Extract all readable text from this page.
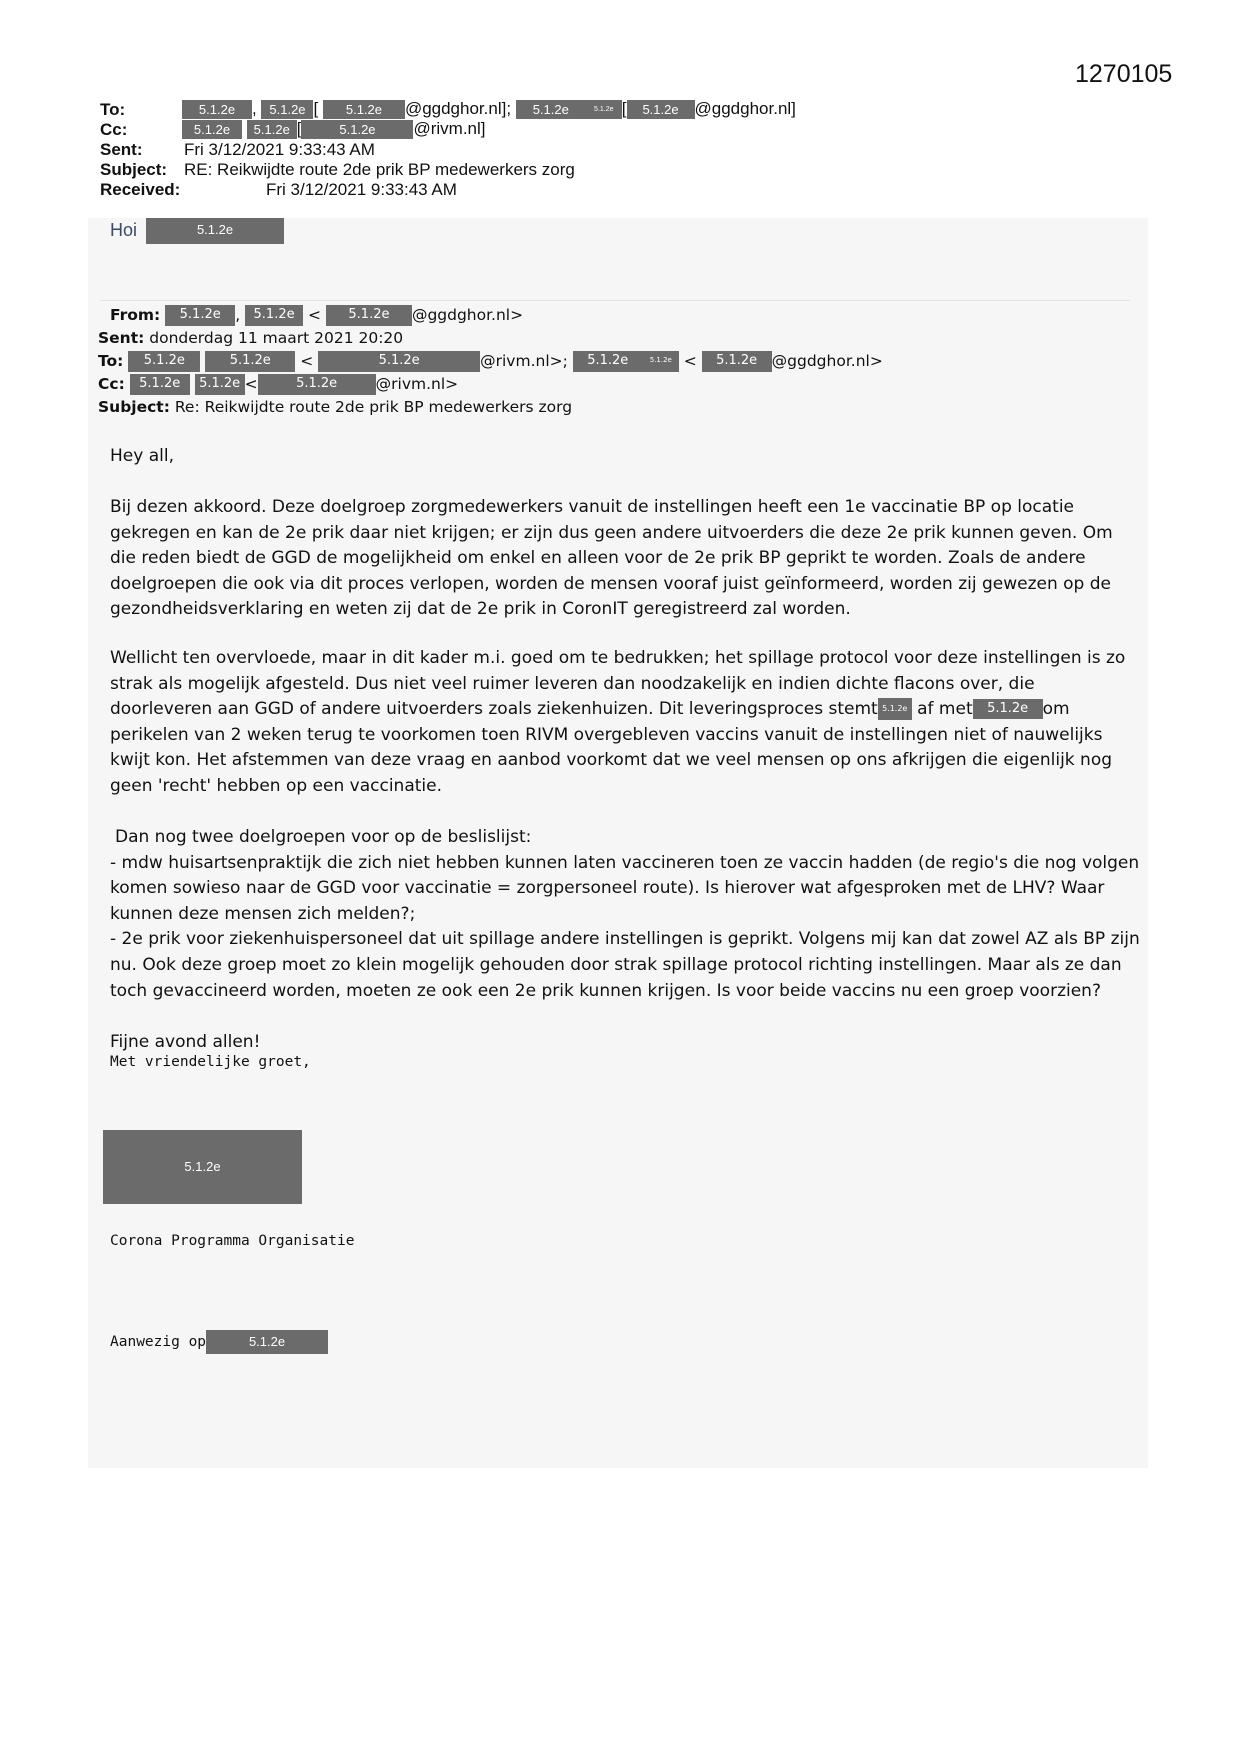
1270105
To:	5.1.2e , 5.1.2e [ 5.1.2e @ggdghor.nl]; 5.1.2e	5.1.2e [ 5.1.2e @ggdghor.nl]
Cc:	5.1.2e 5.1.2e [	5.1.2e @rivm.nl]
Sent: Fri 3/12/2021 9:33:43 AM
Subject: RE: Reikwijdte route 2de prik BP medewerkers zorg
Received:	Fri 3/12/2021 9:33:43 AM
Hoi	5.1.2e
From: 5.1.2e , 5.1.2e < 5.1.2e @ggdghor.nl>
Sent: donderdag 11 maart 2021 20:20
To: 5.1.2e	5.1.2e <	5.1.2e	@rivm.nl>; 5.1.2e	5.1.2e < 5.1.2e @ggdghor.nl>
Cc: 5.1.2e 5.1.2e <	5.1.2e @rivm.nl>
Subject: Re: Reikwijdte route 2de prik BP medewerkers zorg

Hey all,

Bij dezen akkoord. Deze doelgroep zorgmedewerkers vanuit de instellingen heeft een 1e vaccinatie BP op locatie gekregen en kan de 2e prik daar niet krijgen; er zijn dus geen andere uitvoerders die deze 2e prik kunnen geven. Om die reden biedt de GGD de mogelijkheid om enkel en alleen voor de 2e prik BP geprikt te worden. Zoals de andere doelgroepen die ook via dit proces verlopen, worden de mensen vooraf juist geïnformeerd, worden zij gewezen op de gezondheidsverklaring en weten zij dat de 2e prik in CoronIT geregistreerd zal worden.

Wellicht ten overvloede, maar in dit kader m.i. goed om te bedrukken; het spillage protocol voor deze instellingen is zo strak als mogelijk afgesteld. Dus niet veel ruimer leveren dan noodzakelijk en indien dichte flacons over, die doorleveren aan GGD of andere uitvoerders zoals ziekenhuizen. Dit leveringsproces stemt 5.1.2e af met 5.1.2e om perikelen van 2 weken terug te voorkomen toen RIVM overgebleven vaccins vanuit de instellingen niet of nauwelijks kwijt kon. Het afstemmen van deze vraag en aanbod voorkomt dat we veel mensen op ons afkrijgen die eigenlijk nog geen 'recht' hebben op een vaccinatie.

Dan nog twee doelgroepen voor op de beslislijst:

- mdw huisartsenpraktijk die zich niet hebben kunnen laten vaccineren toen ze vaccin hadden (de regio's die nog volgen komen sowieso naar de GGD voor vaccinatie = zorgpersoneel route). Is hierover wat afgesproken met de LHV? Waar kunnen deze mensen zich melden?;

- 2e prik voor ziekenhuispersoneel dat uit spillage andere instellingen is geprikt. Volgens mij kan dat zowel AZ als BP zijn nu. Ook deze groep moet zo klein mogelijk gehouden door strak spillage protocol richting instellingen. Maar als ze dan toch gevaccineerd worden, moeten ze ook een 2e prik kunnen krijgen. Is voor beide vaccins nu een groep voorzien?

Fijne avond allen!

Met vriendelijke groet,
5.1.2e
Corona Programma Organisatie
Aanwezig op	5.1.2e
